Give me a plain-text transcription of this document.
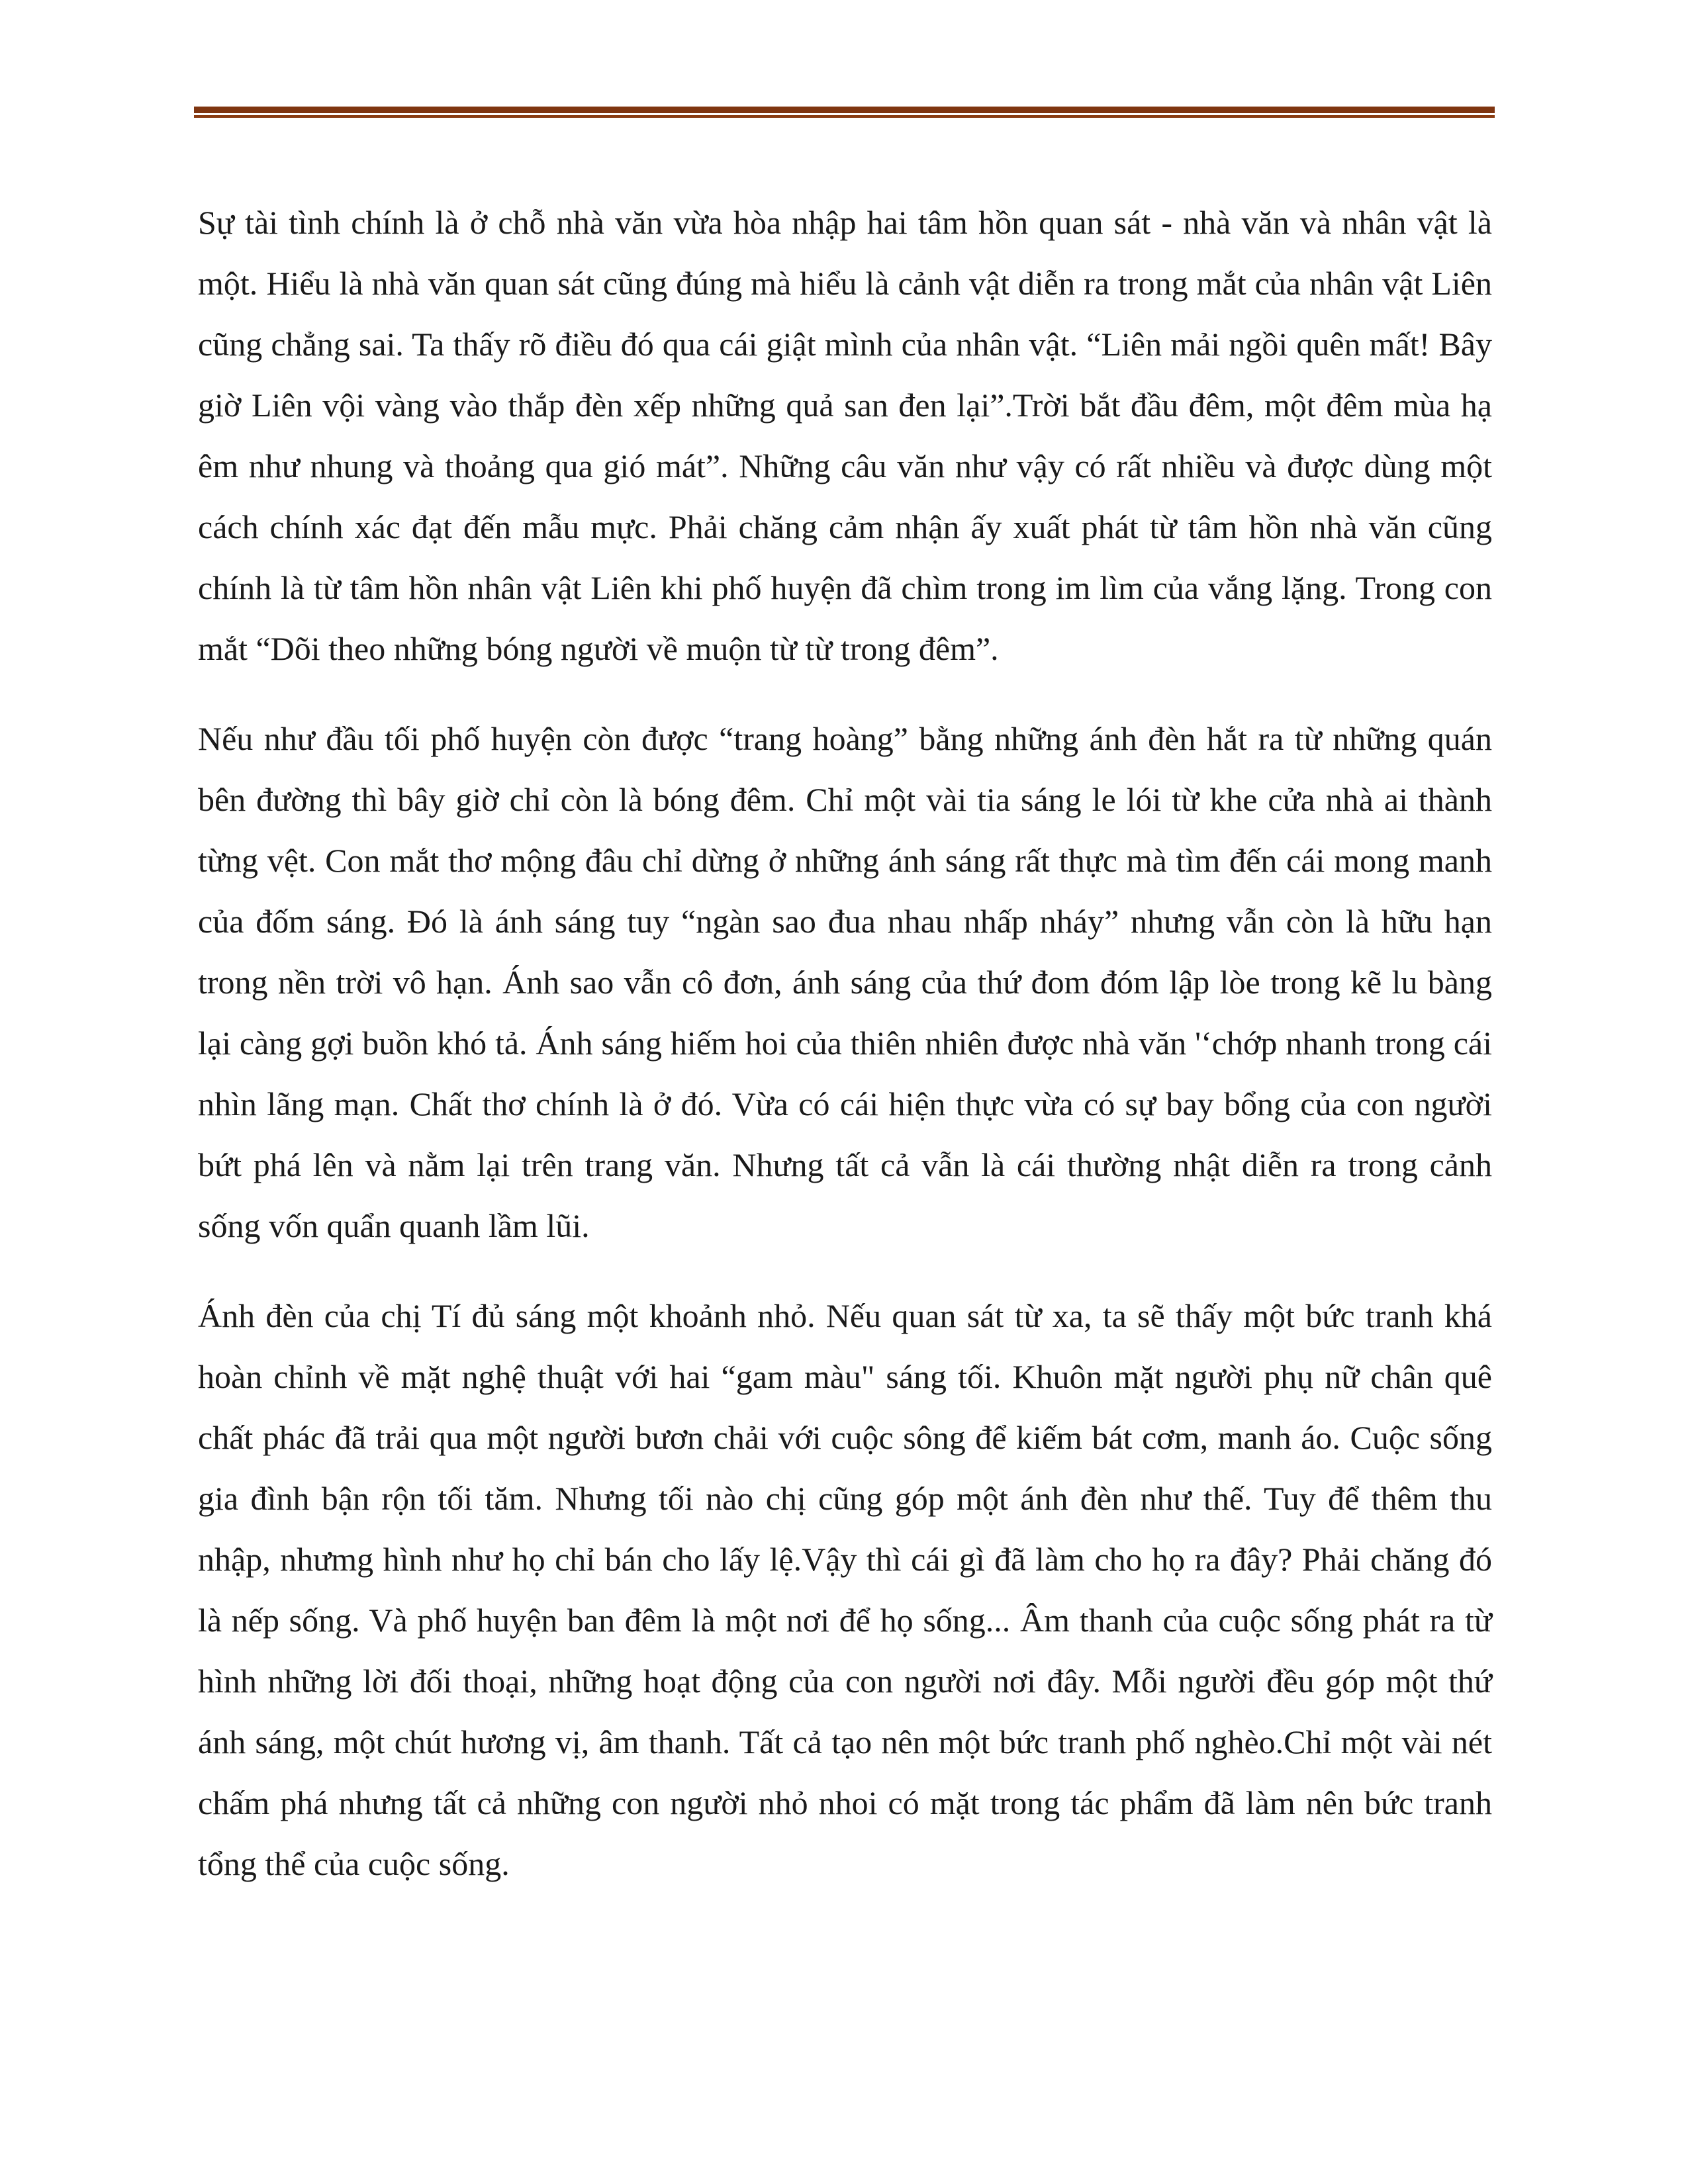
Sự tài tình chính là ở chỗ nhà văn vừa hòa nhập hai tâm hồn quan sát - nhà văn và nhân vật là một. Hiểu là nhà văn quan sát cũng đúng mà hiểu là cảnh vật diễn ra trong mắt của nhân vật Liên cũng chẳng sai. Ta thấy rõ điều đó qua cái giật mình của nhân vật. “Liên mải ngồi quên mất! Bây giờ Liên vội vàng vào thắp đèn xếp những quả san đen lại”.Trời bắt đầu đêm, một đêm mùa hạ êm như nhung và thoảng qua gió mát”. Những câu văn như vậy có rất nhiều và được dùng một cách chính xác đạt đến mẫu mực. Phải chăng cảm nhận ấy xuất phát từ tâm hồn nhà văn cũng chính là từ tâm hồn nhân vật Liên khi phố huyện đã chìm trong im lìm của vắng lặng. Trong con mắt “Dõi theo những bóng người về muộn từ từ trong đêm”.

Nếu như đầu tối phố huyện còn được “trang hoàng” bằng những ánh đèn hắt ra từ những quán bên đường thì bây giờ chỉ còn là bóng đêm. Chỉ một vài tia sáng le lói từ khe cửa nhà ai thành từng vệt. Con mắt thơ mộng đâu chỉ dừng ở những ánh sáng rất thực mà tìm đến cái mong manh của đốm sáng. Đó là ánh sáng tuy “ngàn sao đua nhau nhấp nháy” nhưng vẫn còn là hữu hạn trong nền trời vô hạn. Ánh sao vẫn cô đơn, ánh sáng của thứ đom đóm lập lòe trong kẽ lu bàng lại càng gợi buồn khó tả. Ánh sáng hiếm hoi của thiên nhiên được nhà văn '‘chớp nhanh trong cái nhìn lãng mạn. Chất thơ chính là ở đó. Vừa có cái hiện thực vừa có sự bay bổng của con người bứt phá lên và nằm lại trên trang văn. Nhưng tất cả vẫn là cái thường nhật diễn ra trong cảnh sống vốn quẩn quanh lầm lũi.

Ánh đèn của chị Tí đủ sáng một khoảnh nhỏ. Nếu quan sát từ xa, ta sẽ thấy một bức tranh khá hoàn chỉnh về mặt nghệ thuật với hai “gam màu" sáng tối. Khuôn mặt người phụ nữ chân quê chất phác đã trải qua một người bươn chải với cuộc sông để kiếm bát cơm, manh áo. Cuộc sống gia đình bận rộn tối tăm. Nhưng tối nào chị cũng góp một ánh đèn như thế. Tuy để thêm thu nhập, nhưmg hình như họ chỉ bán cho lấy lệ.Vậy thì cái gì đã làm cho họ ra đây? Phải chăng đó là nếp sống. Và phố huyện ban đêm là một nơi để họ sống... Âm thanh của cuộc sống phát ra từ hình những lời đối thoại, những hoạt động của con người nơi đây. Mỗi người đều góp một thứ ánh sáng, một chút hương vị, âm thanh. Tất cả tạo nên một bức tranh phố nghèo.Chỉ một vài nét chấm phá nhưng tất cả những con người nhỏ nhoi có mặt trong tác phẩm đã làm nên bức tranh tổng thể của cuộc sống.
